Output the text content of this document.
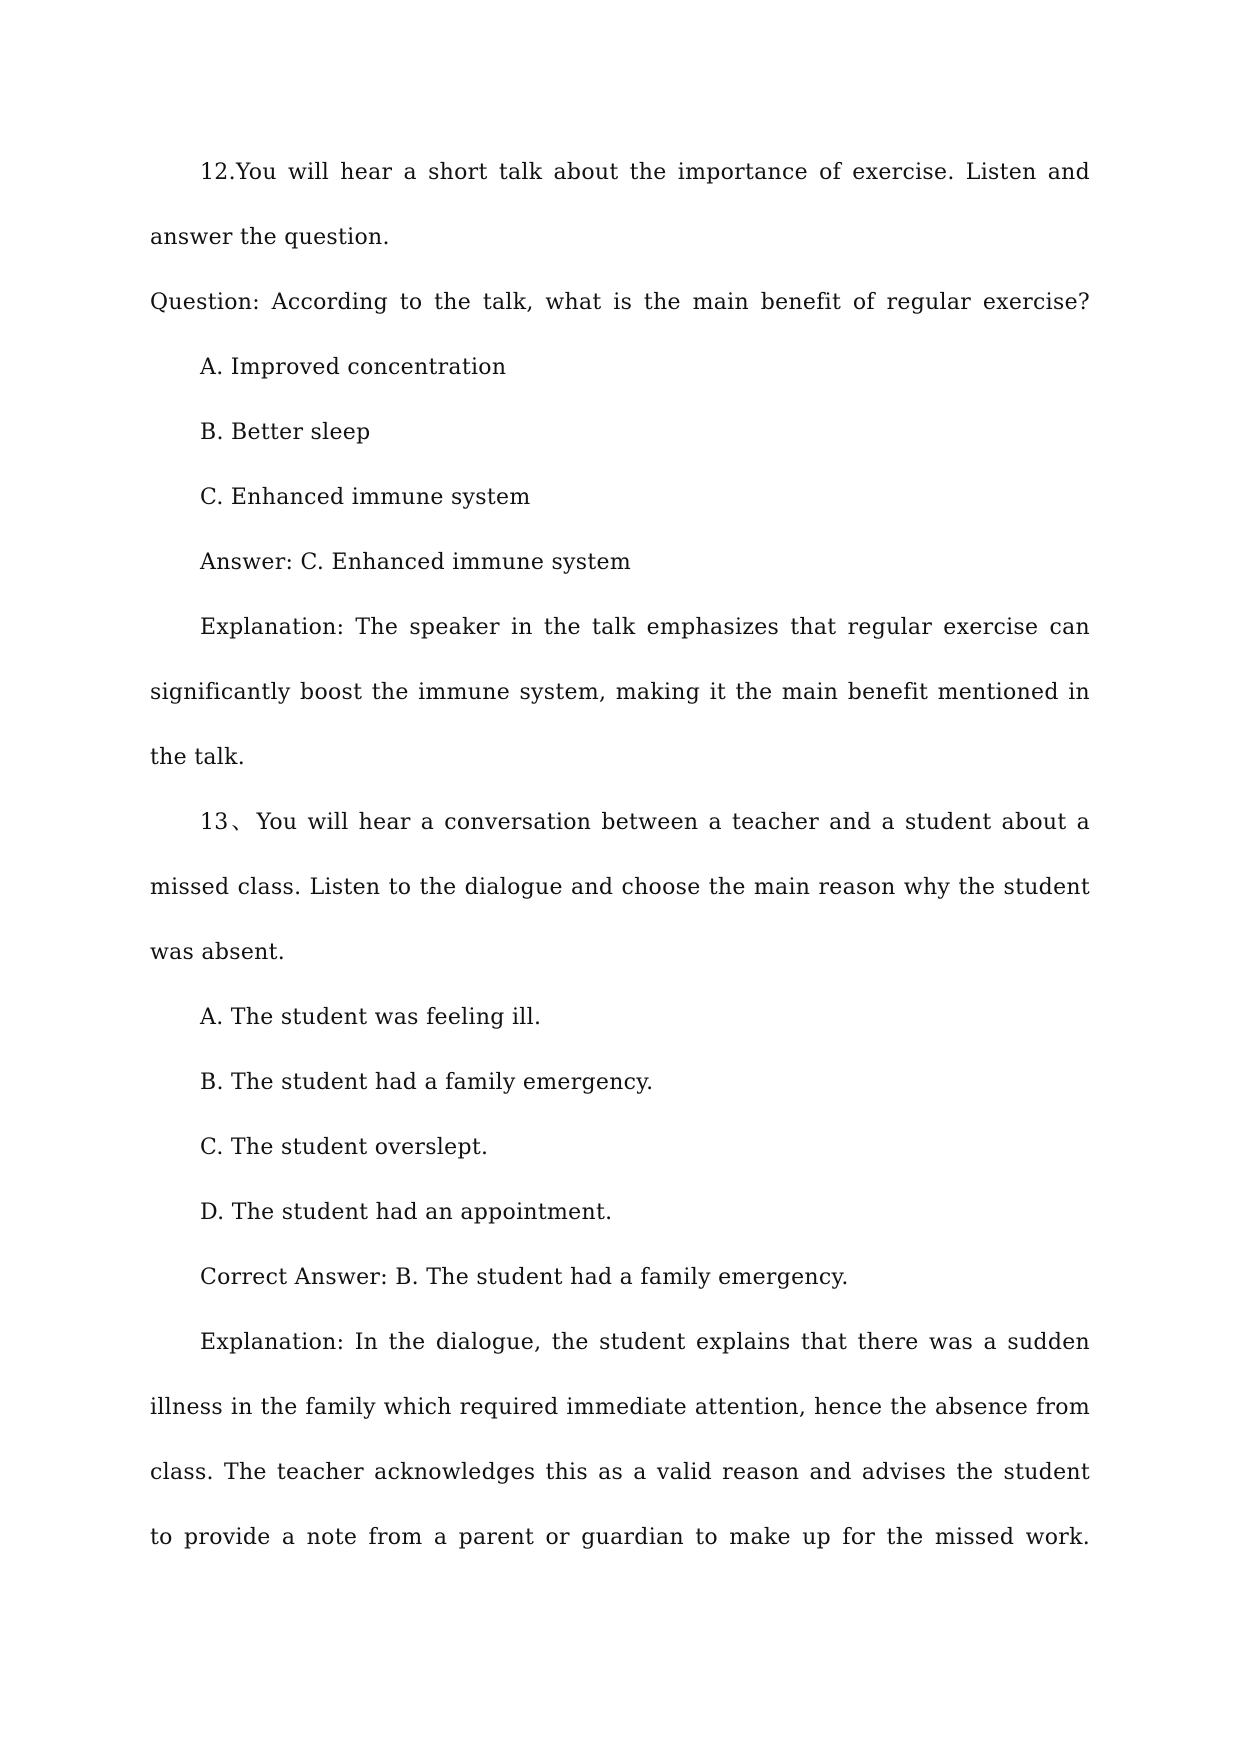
12.You will hear a short talk about the importance of exercise. Listen and
answer the question.
Question: According to the talk, what is the main benefit of regular exercise?
A. Improved concentration
B. Better sleep
C. Enhanced immune system
Answer: C. Enhanced immune system
Explanation: The speaker in the talk emphasizes that regular exercise can
significantly boost the immune system, making it the main benefit mentioned in
the talk.
13、You will hear a conversation between a teacher and a student about a
missed class. Listen to the dialogue and choose the main reason why the student
was absent.
A. The student was feeling ill.
B. The student had a family emergency.
C. The student overslept.
D. The student had an appointment.
Correct Answer: B. The student had a family emergency.
Explanation: In the dialogue, the student explains that there was a sudden
illness in the family which required immediate attention, hence the absence from
class. The teacher acknowledges this as a valid reason and advises the student
to provide a note from a parent or guardian to make up for the missed work.
